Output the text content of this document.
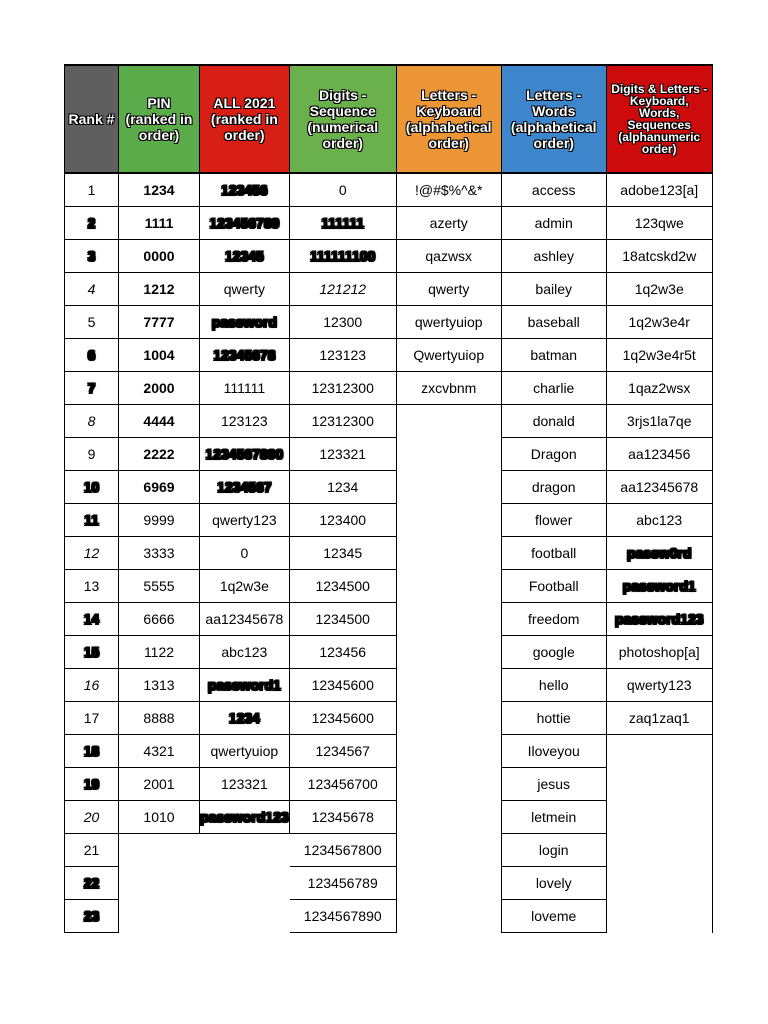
Rank #	PIN (ranked in order)	ALL 2021 (ranked in order)	Digits - Sequence (numerical order)	Letters - Keyboard (alphabetical order)	Letters - Words (alphabetical order)	Digits & Letters - Keyboard, Words, Sequences (alphanumeric order)
1	1234	123456	0	!@#$%^&*	access	adobe123[a]
2	1111	123456789	111111	azerty	admin	123qwe
3	0000	12345	111111100	qazwsx	ashley	18atcskd2w
4	1212	qwerty	121212	qwerty	bailey	1q2w3e
5	7777	password	12300	qwertyuiop	baseball	1q2w3e4r
6	1004	12345678	123123	Qwertyuiop	batman	1q2w3e4r5t
7	2000	111111	12312300	zxcvbnm	charlie	1qaz2wsx
8	4444	123123	12312300		donald	3rjs1la7qe
9	2222	1234567890	123321		Dragon	aa123456
10	6969	1234567	1234		dragon	aa12345678
11	9999	qwerty123	123400		flower	abc123
12	3333	0	12345		football	passw0rd
13	5555	1q2w3e	1234500		Football	password1
14	6666	aa12345678	1234500		freedom	password123
15	1122	abc123	123456		google	photoshop[a]
16	1313	password1	12345600		hello	qwerty123
17	8888	1234	12345600		hottie	zaq1zaq1
18	4321	qwertyuiop	1234567		Iloveyou	
19	2001	123321	123456700		jesus	
20	1010	password123	12345678		letmein	
21			1234567800		login	
22			123456789		lovely	
23			1234567890		loveme	
